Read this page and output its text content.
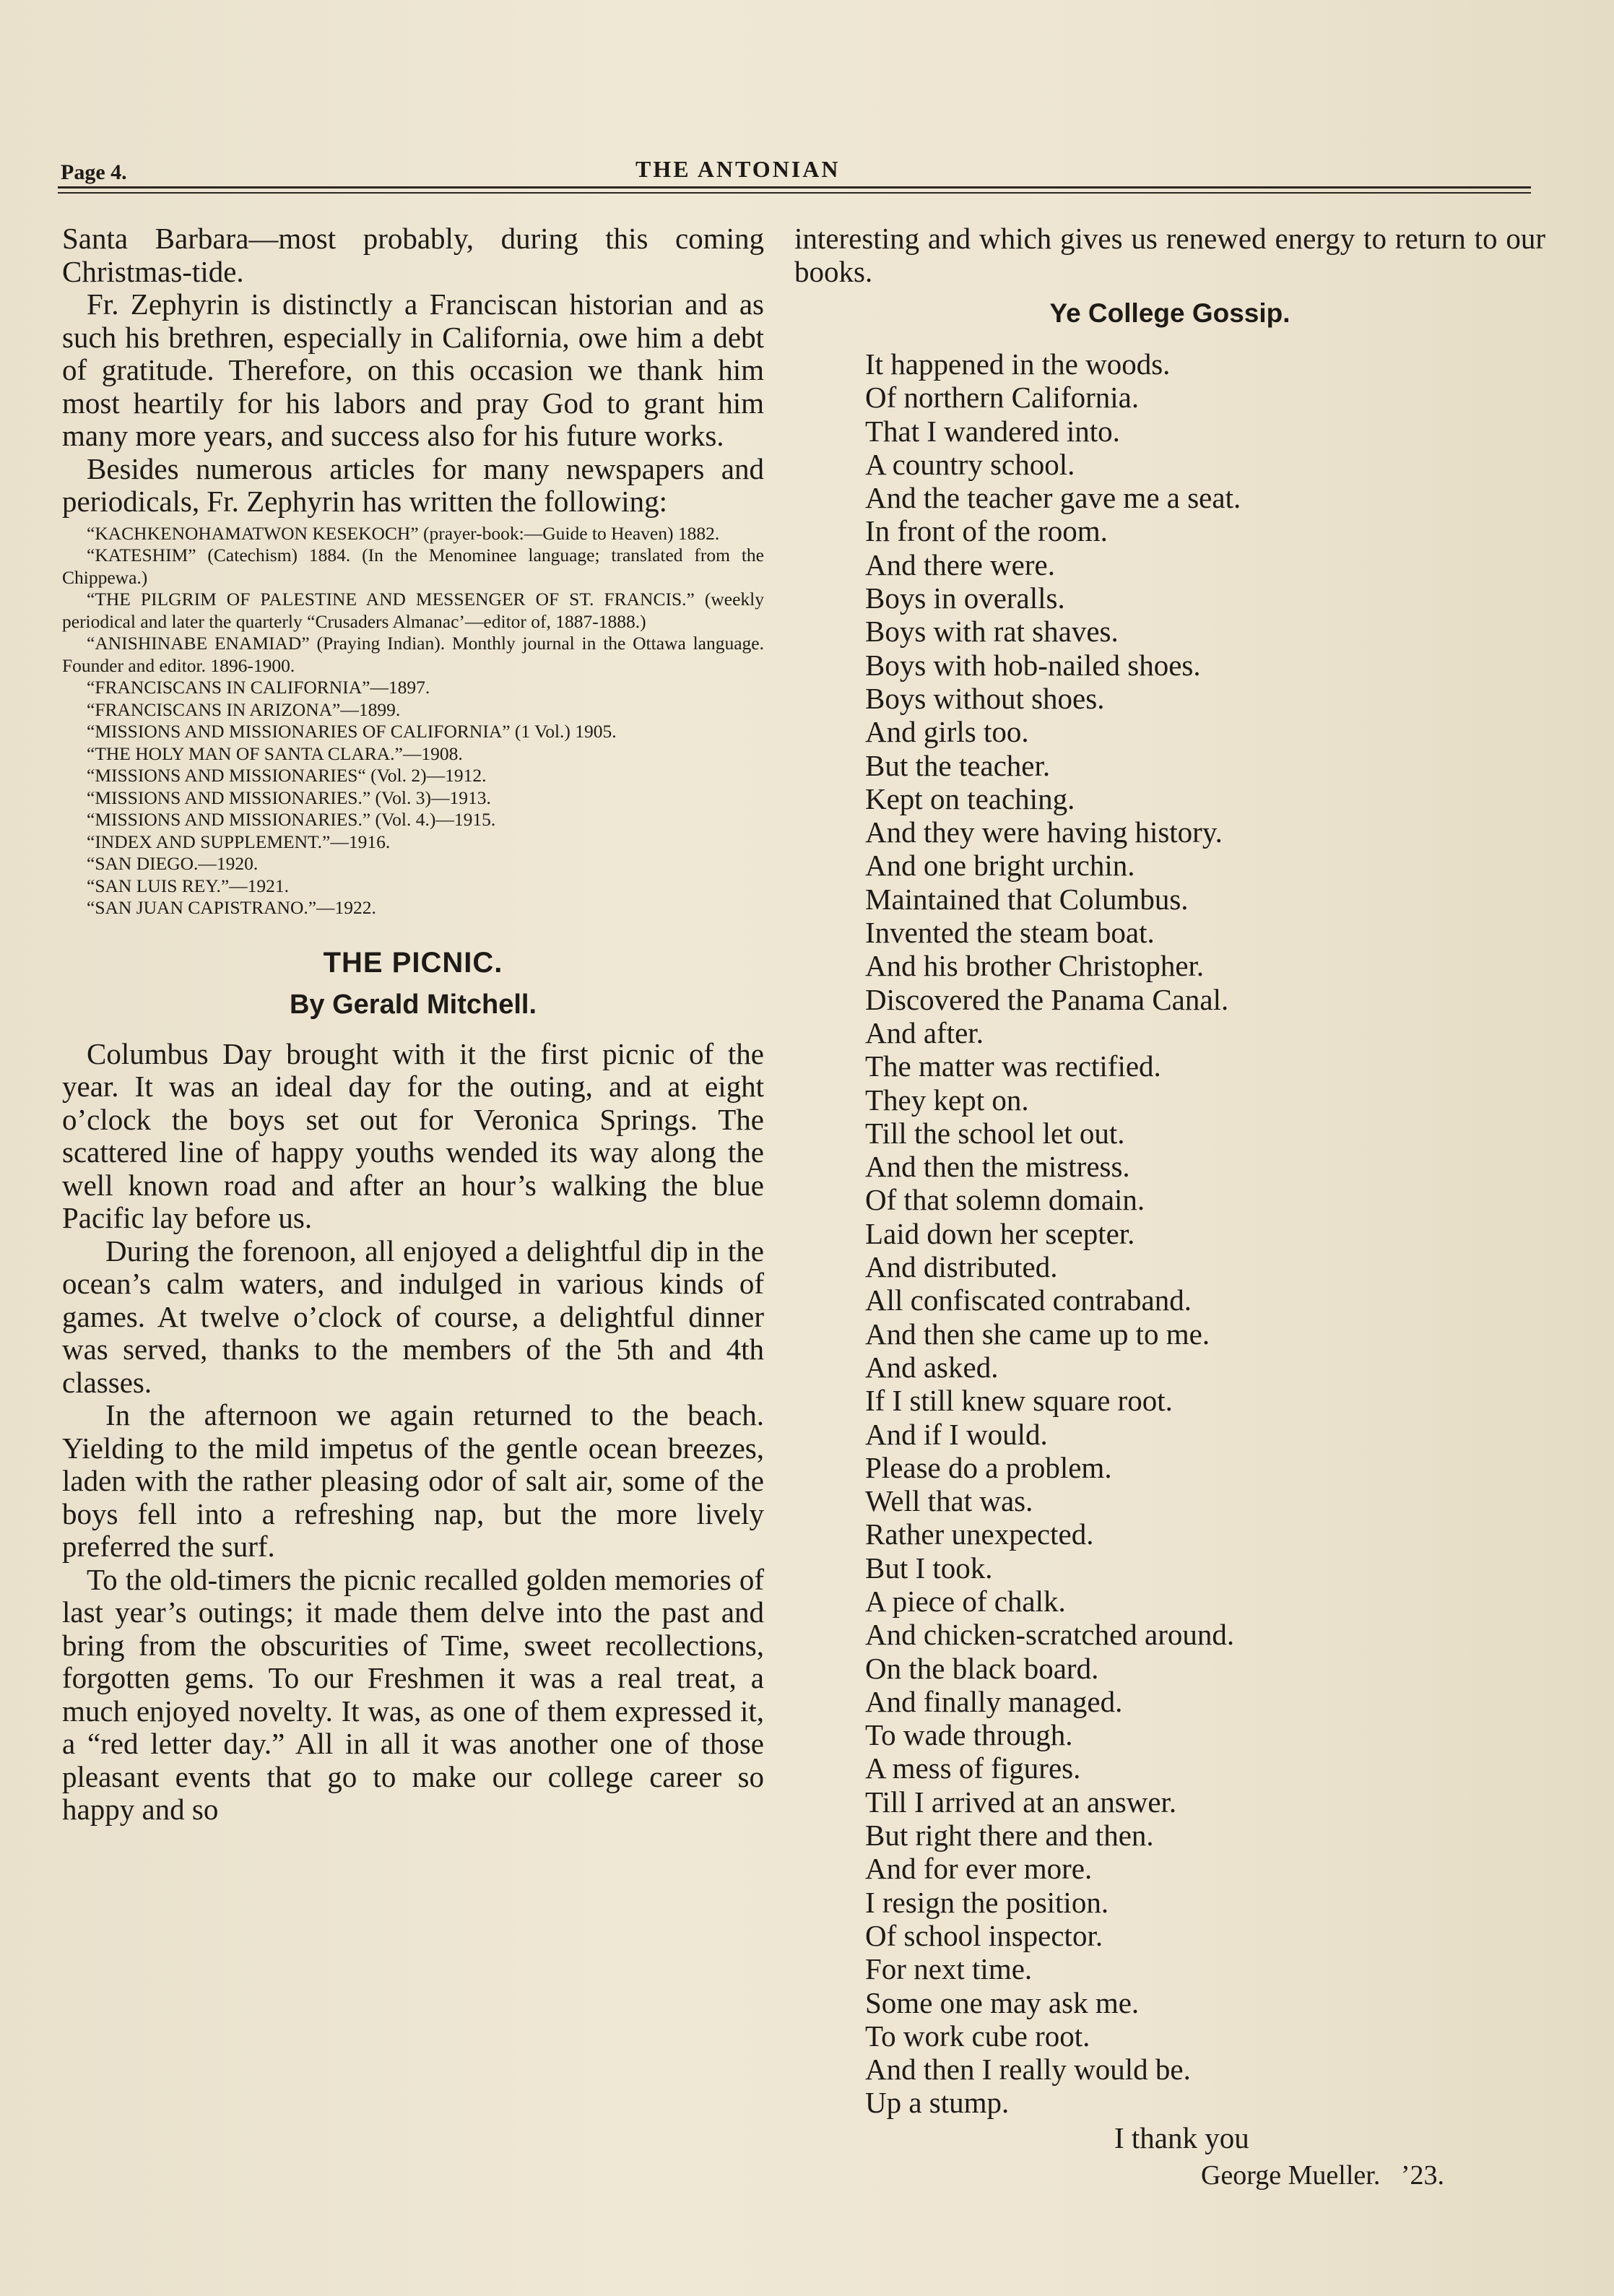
Page 4.	THE ANTONIAN

Santa Barbara—most probably, during this coming Christmas-tide.

Fr. Zephyrin is distinctly a Franciscan historian and as such his brethren, especially in California, owe him a debt of gratitude. Therefore, on this occasion we thank him most heartily for his labors and pray God to grant him many more years, and success also for his future works.

Besides numerous articles for many newspapers and periodicals, Fr. Zephyrin has written the following:

“KACHKENOHAMATWON KESEKOCH” (prayer-book:—Guide to Heaven) 1882.

“KATESHIM” (Catechism) 1884. (In the Menominee language; translated from the Chippewa.)

“THE PILGRIM OF PALESTINE AND MESSENGER OF ST. FRANCIS.” (weekly periodical and later the quarterly “Crusaders Almanac’—editor of, 1887-1888.)

“ANISHINABE ENAMIAD” (Praying Indian). Monthly journal in the Ottawa language. Founder and editor. 1896-1900.

“FRANCISCANS IN CALIFORNIA”—1897.

“FRANCISCANS IN ARIZONA”—1899.

“MISSIONS AND MISSIONARIES OF CALIFORNIA” (1 Vol.) 1905.

“THE HOLY MAN OF SANTA CLARA.”—1908.

“MISSIONS AND MISSIONARIES“ (Vol. 2)—1912.

“MISSIONS AND MISSIONARIES.” (Vol. 3)—1913.

“MISSIONS AND MISSIONARIES.” (Vol. 4.)—1915.

“INDEX AND SUPPLEMENT.”—1916.

“SAN DIEGO.—1920.

“SAN LUIS REY.”—1921.

“SAN JUAN CAPISTRANO.”—1922.

THE PICNIC.
By Gerald Mitchell.

Columbus Day brought with it the first picnic of the year. It was an ideal day for the outing, and at eight o’clock the boys set out for Veronica Springs. The scattered line of happy youths wended its way along the well known road and after an hour’s walking the blue Pacific lay before us.

During the forenoon, all enjoyed a delightful dip in the ocean’s calm waters, and indulged in various kinds of games. At twelve o’clock of course, a delightful dinner was served, thanks to the members of the 5th and 4th classes.

In the afternoon we again returned to the beach. Yielding to the mild impetus of the gentle ocean breezes, laden with the rather pleasing odor of salt air, some of the boys fell into a refreshing nap, but the more lively preferred the surf.

To the old-timers the picnic recalled golden memories of last year’s outings; it made them delve into the past and bring from the obscurities of Time, sweet recollections, forgotten gems. To our Freshmen it was a real treat, a much enjoyed novelty. It was, as one of them expressed it, a “red letter day.” All in all it was another one of those pleasant events that go to make our college career so happy and so

interesting and which gives us renewed energy to return to our books.

Ye College Gossip.

It happened in the woods.

Of northern California.

That I wandered into.

A country school.

And the teacher gave me a seat.

In front of the room.

And there were.

Boys in overalls.

Boys with rat shaves.

Boys with hob-nailed shoes.

Boys without shoes.

And girls too.

But the teacher.

Kept on teaching.

And they were having history.

And one bright urchin.

Maintained that Columbus.

Invented the steam boat.

And his brother Christopher.

Discovered the Panama Canal.

And after.

The matter was rectified.

They kept on.

Till the school let out.

And then the mistress.

Of that solemn domain.

Laid down her scepter.

And distributed.

All confiscated contraband.

And then she came up to me.

And asked.

If I still knew square root.

And if I would.

Please do a problem.

Well that was.

Rather unexpected.

But I took.

A piece of chalk.

And chicken-scratched around.

On the black board.

And finally managed.

To wade through.

A mess of figures.

Till I arrived at an answer.

But right there and then.

And for ever more.

I resign the position.

Of school inspector.

For next time.

Some one may ask me.

To work cube root.

And then I really would be.

Up a stump.

I thank you
George Mueller. ’23.
